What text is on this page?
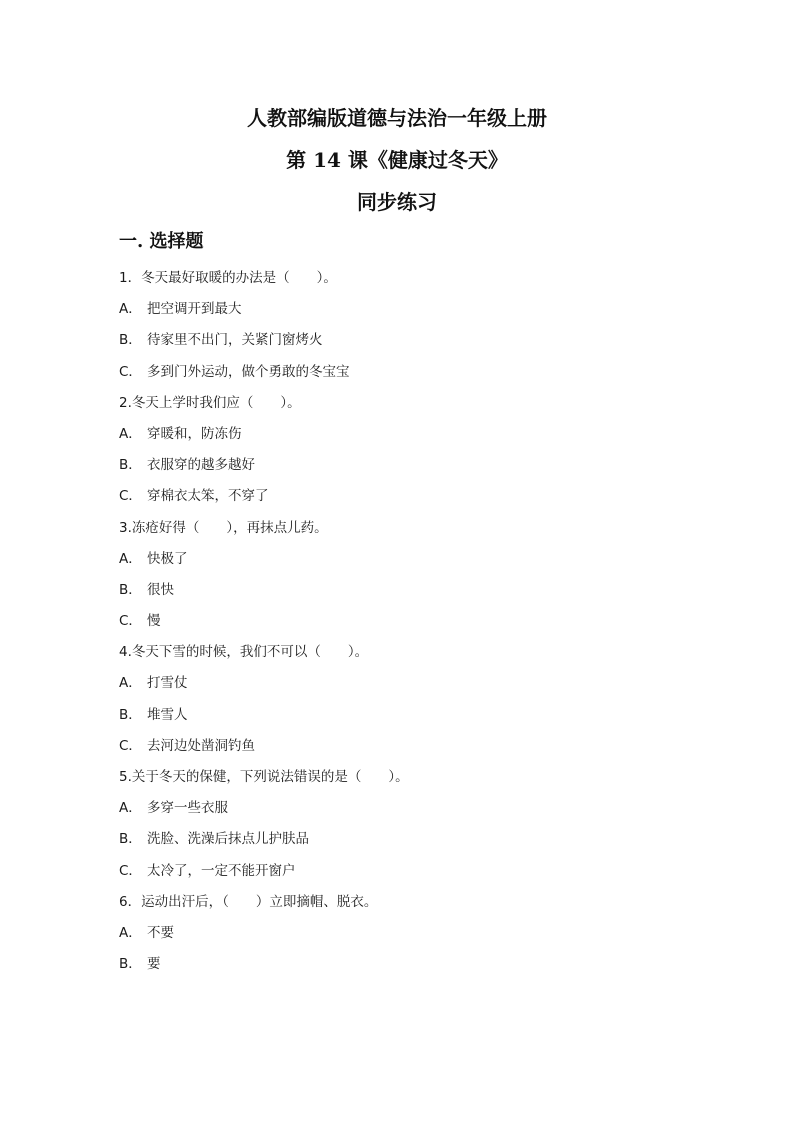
人教部编版道德与法治一年级上册
第 14 课《健康过冬天》
同步练习
一. 选择题
1．冬天最好取暖的办法是（　　）。
A． 把空调开到最大
B． 待家里不出门，关紧门窗烤火
C． 多到门外运动，做个勇敢的冬宝宝
2.冬天上学时我们应（　　）。
A． 穿暖和，防冻伤
B． 衣服穿的越多越好
C． 穿棉衣太笨，不穿了
3.冻疮好得（　　），再抹点儿药。
A． 快极了
B． 很快
C． 慢
4.冬天下雪的时候，我们不可以（　　）。
A． 打雪仗
B． 堆雪人
C． 去河边处凿洞钓鱼
5.关于冬天的保健，下列说法错误的是（　　）。
A． 多穿一些衣服
B． 洗脸、洗澡后抹点儿护肤品
C． 太冷了，一定不能开窗户
6．运动出汗后，（　　）立即摘帽、脱衣。
A． 不要
B． 要
